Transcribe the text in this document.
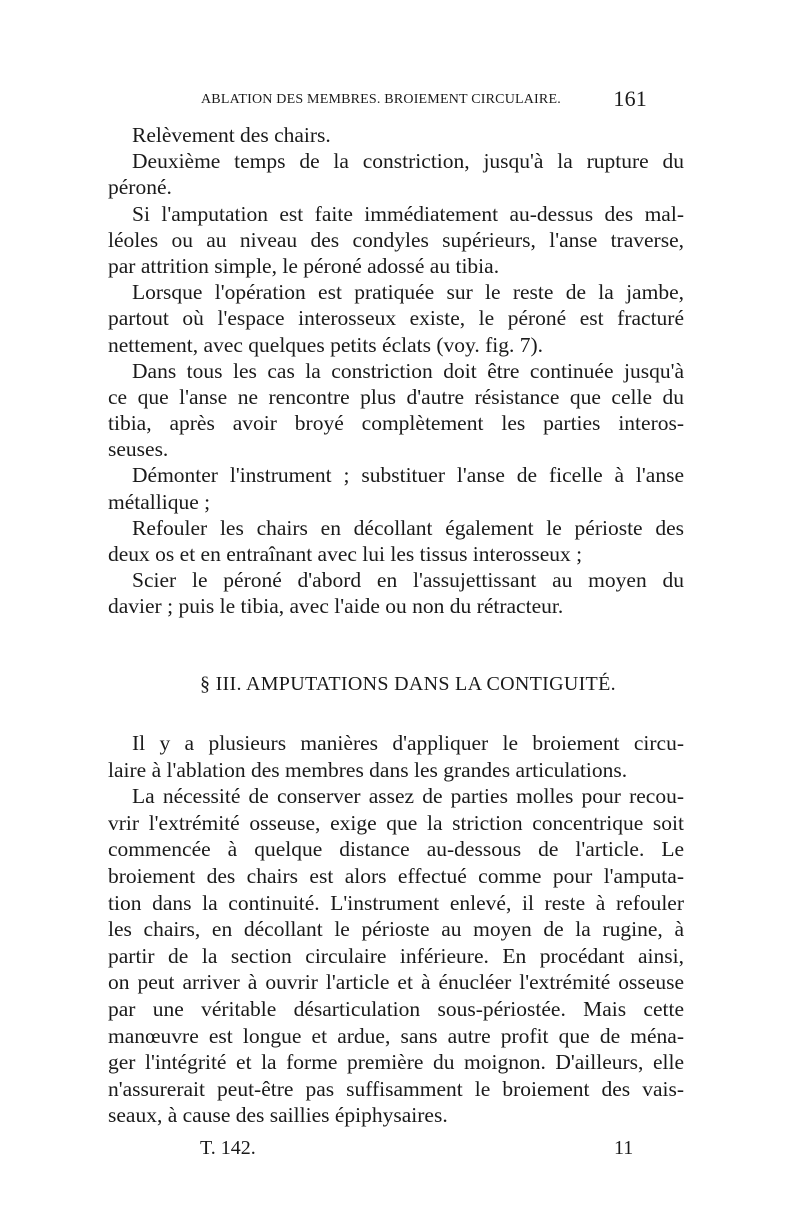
ABLATION DES MEMBRES. BROIEMENT CIRCULAIRE. 161
Relèvement des chairs.
Deuxième temps de la constriction, jusqu'à la rupture du
péroné.
Si l'amputation est faite immédiatement au-dessus des mal-
léoles ou au niveau des condyles supérieurs, l'anse traverse,
par attrition simple, le péroné adossé au tibia.
Lorsque l'opération est pratiquée sur le reste de la jambe,
partout où l'espace interosseux existe, le péroné est fracturé
nettement, avec quelques petits éclats (voy. fig. 7).
Dans tous les cas la constriction doit être continuée jusqu'à
ce que l'anse ne rencontre plus d'autre résistance que celle du
tibia, après avoir broyé complètement les parties interos-
seuses.
Démonter l'instrument ; substituer l'anse de ficelle à l'anse
métallique ;
Refouler les chairs en décollant également le périoste des
deux os et en entraînant avec lui les tissus interosseux ;
Scier le péroné d'abord en l'assujettissant au moyen du
davier ; puis le tibia, avec l'aide ou non du rétracteur.
§ III. AMPUTATIONS DANS LA CONTIGUITÉ.
Il y a plusieurs manières d'appliquer le broiement circu-
laire à l'ablation des membres dans les grandes articulations.
La nécessité de conserver assez de parties molles pour recou-
vrir l'extrémité osseuse, exige que la striction concentrique soit
commencée à quelque distance au-dessous de l'article. Le
broiement des chairs est alors effectué comme pour l'amputa-
tion dans la continuité. L'instrument enlevé, il reste à refouler
les chairs, en décollant le périoste au moyen de la rugine, à
partir de la section circulaire inférieure. En procédant ainsi,
on peut arriver à ouvrir l'article et à énucléer l'extrémité osseuse
par une véritable désarticulation sous-périostée. Mais cette
manœuvre est longue et ardue, sans autre profit que de ména-
ger l'intégrité et la forme première du moignon. D'ailleurs, elle
n'assurerait peut-être pas suffisamment le broiement des vais-
seaux, à cause des saillies épiphysaires.
T. 142.	11
